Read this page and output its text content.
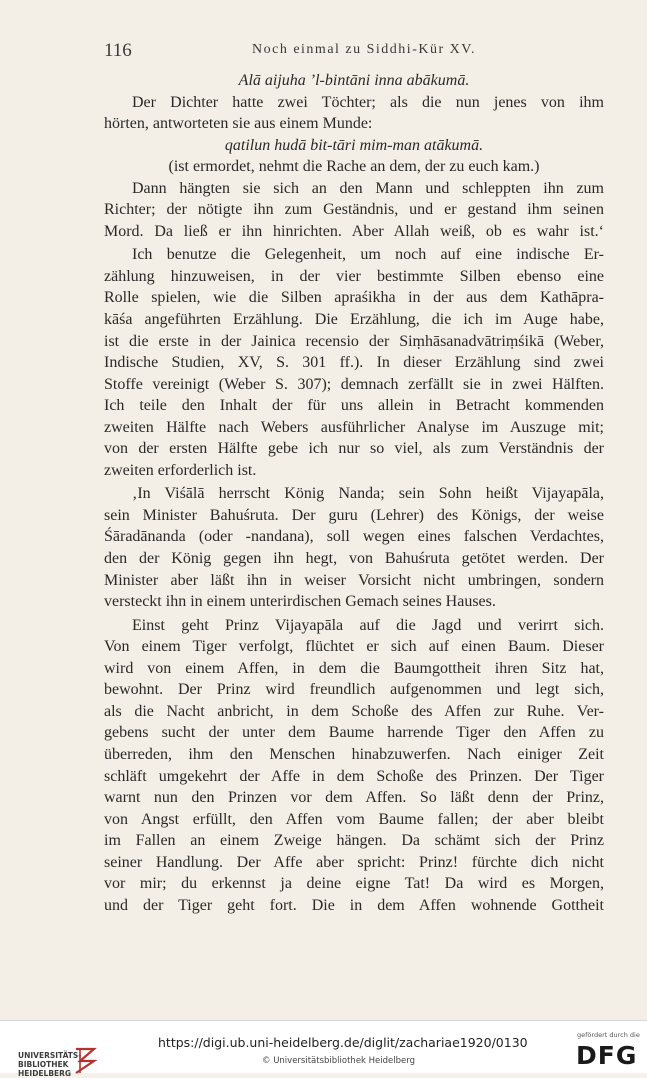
116	Noch einmal zu Siddhi-Kür XV.
Alā aijuha ’l-bintāni inna abākumā.
Der Dichter hatte zwei Töchter; als die nun jenes von ihm
hörten, antworteten sie aus einem Munde:
qatilun hudā bit-tāri mim-man atākumā.
(ist ermordet, nehmt die Rache an dem, der zu euch kam.)
Dann hängten sie sich an den Mann und schleppten ihn zum
Richter; der nötigte ihn zum Geständnis, und er gestand ihm seinen
Mord. Da ließ er ihn hinrichten. Aber Allah weiß, ob es wahr ist.‘
Ich benutze die Gelegenheit, um noch auf eine indische Er-
zählung hinzuweisen, in der vier bestimmte Silben ebenso eine
Rolle spielen, wie die Silben apraśikha in der aus dem Kathāpra-
kāśa angeführten Erzählung. Die Erzählung, die ich im Auge habe,
ist die erste in der Jainica recensio der Siṃhāsanadvātriṃśikā (Weber,
Indische Studien, XV, S. 301 ff.). In dieser Erzählung sind zwei
Stoffe vereinigt (Weber S. 307); demnach zerfällt sie in zwei Hälften.
Ich teile den Inhalt der für uns allein in Betracht kommenden
zweiten Hälfte nach Webers ausführlicher Analyse im Auszuge mit;
von der ersten Hälfte gebe ich nur so viel, als zum Verständnis der
zweiten erforderlich ist.
‚In Viśālā herrscht König Nanda; sein Sohn heißt Vijayapāla,
sein Minister Bahuśruta. Der guru (Lehrer) des Königs, der weise
Śāradānanda (oder -nandana), soll wegen eines falschen Verdachtes,
den der König gegen ihn hegt, von Bahuśruta getötet werden. Der
Minister aber läßt ihn in weiser Vorsicht nicht umbringen, sondern
versteckt ihn in einem unterirdischen Gemach seines Hauses.
Einst geht Prinz Vijayapāla auf die Jagd und verirrt sich.
Von einem Tiger verfolgt, flüchtet er sich auf einen Baum. Dieser
wird von einem Affen, in dem die Baumgottheit ihren Sitz hat,
bewohnt. Der Prinz wird freundlich aufgenommen und legt sich,
als die Nacht anbricht, in dem Schoße des Affen zur Ruhe. Ver-
gebens sucht der unter dem Baume harrende Tiger den Affen zu
überreden, ihm den Menschen hinabzuwerfen. Nach einiger Zeit
schläft umgekehrt der Affe in dem Schoße des Prinzen. Der Tiger
warnt nun den Prinzen vor dem Affen. So läßt denn der Prinz,
von Angst erfüllt, den Affen vom Baume fallen; der aber bleibt
im Fallen an einem Zweige hängen. Da schämt sich der Prinz
seiner Handlung. Der Affe aber spricht: Prinz! fürchte dich nicht
vor mir; du erkennst ja deine eigne Tat! Da wird es Morgen,
und der Tiger geht fort. Die in dem Affen wohnende Gottheit
UNIVERSITÄTS-
BIBLIOTHEK
HEIDELBERG
https://digi.ub.uni-heidelberg.de/diglit/zachariae1920/0130
© Universitätsbibliothek Heidelberg
gefördert durch die
DFG
